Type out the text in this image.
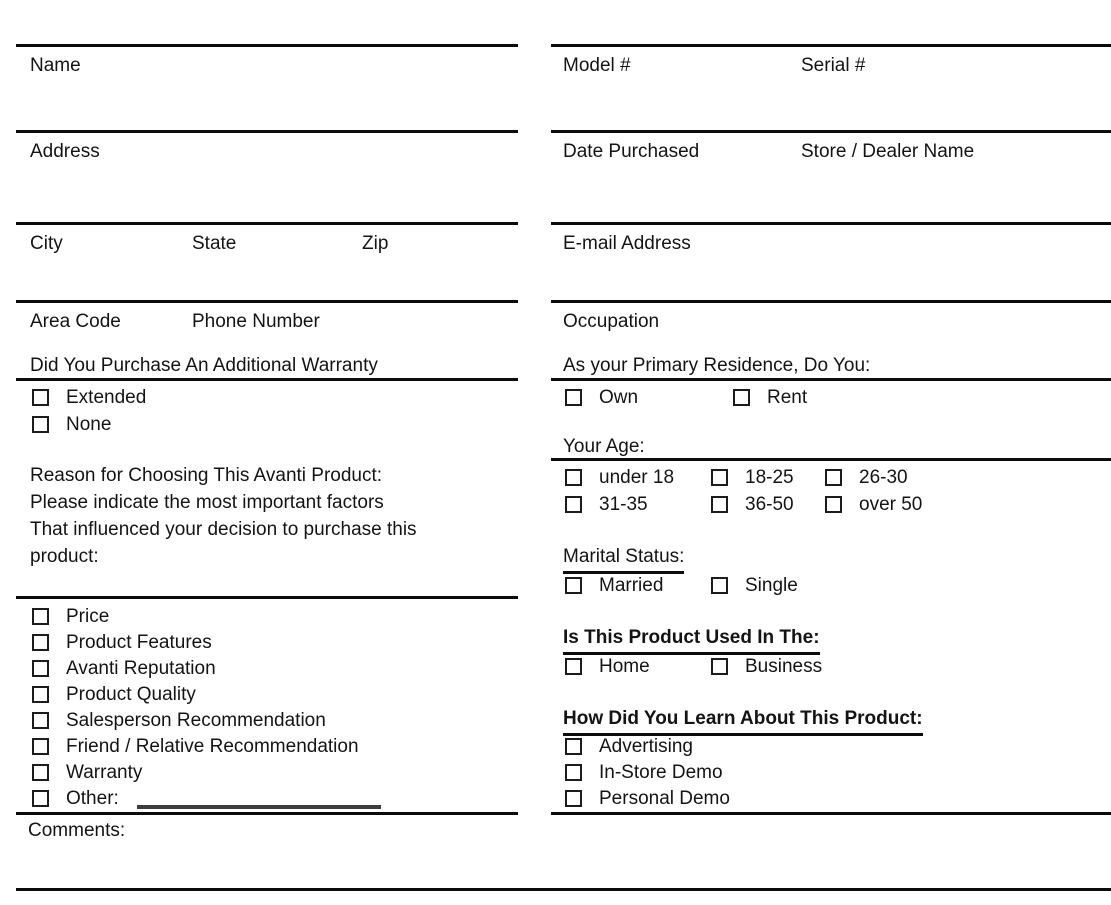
Name
Address
City	State	Zip
Area Code	Phone Number
Did You Purchase An Additional Warranty
Extended
None
Reason for Choosing This Avanti Product:
Please indicate the most important factors
That influenced your decision to purchase this
product:
Price
Product Features
Avanti Reputation
Product Quality
Salesperson Recommendation
Friend / Relative Recommendation
Warranty
Other:
Comments:
Model #	Serial #
Date Purchased	Store / Dealer Name
E-mail Address
Occupation
As your Primary Residence, Do You:
Own	Rent
Your Age:
under 18	18-25	26-30
31-35	36-50	over 50
Marital Status:
Married	Single
Is This Product Used In The:
Home	Business
How Did You Learn About This Product:
Advertising
In-Store Demo
Personal Demo
